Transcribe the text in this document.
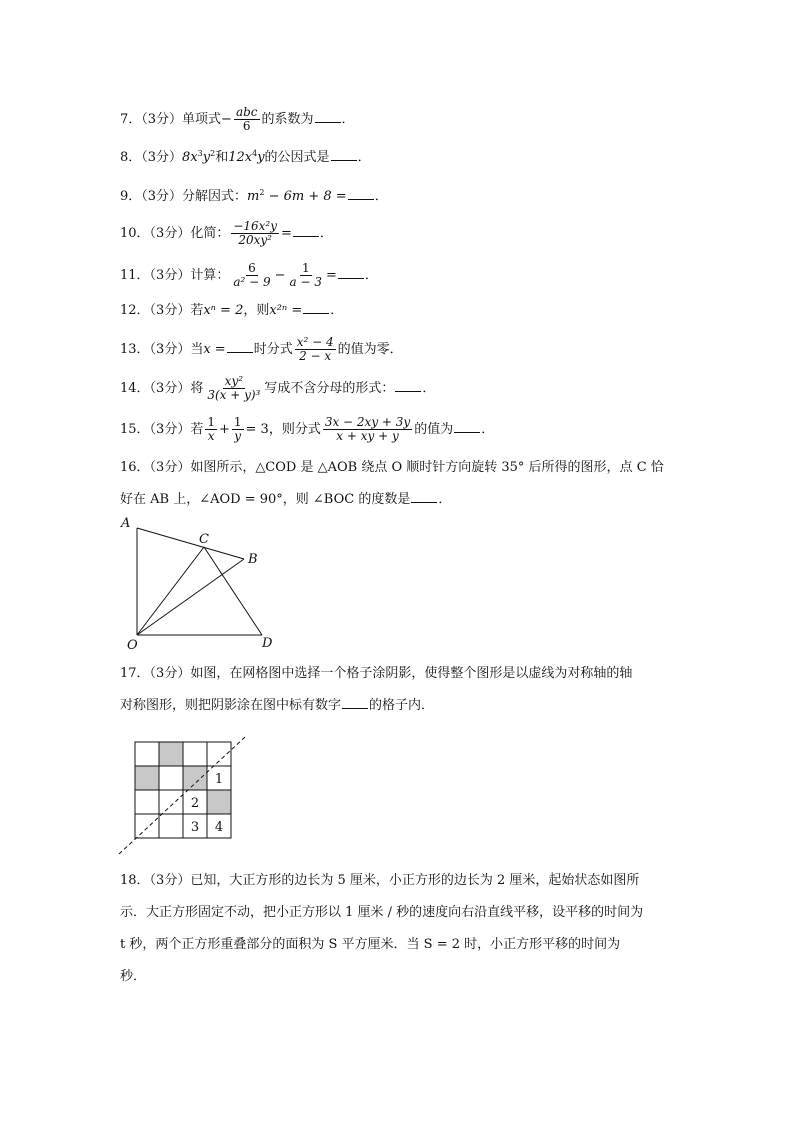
7．（3分）单项式− $\frac{\text{abc}}{6}$ 的系数为 ．
8．（3分）$8x^3y^2$和$12x^4y$的公因式是 ．
9．（3分）分解因式：$m^2 - 6m + 8$ = ．
10．（3分）化简： $\frac{\text{−16x²y}}{\text{20xy²}}$ = ．
11．（3分）计算： $\frac{6}{\text{a² − 9}} - \frac{1}{a - 3}$ = ．
12．（3分）若xⁿ = 2，则x²ⁿ = ．
13．（3分）当x = 时分式 $\frac{\text{x² − 4}}{2 - x}$ 的值为零．
14．（3分）将 $\frac{\text{xy²}}{\text{3(x + y)³}}$ 写成不含分母的形式： ．
15．（3分）若 $\frac{1}{x} + \frac{1}{y} = 3$，则分式 $\frac{3x - 2xy + 3y}{x + xy + y}$ 的值为 ．
16．（3分）如图所示，△COD 是 △AOB 绕点 O 顺时针方向旋转 35° 后所得的图形，点 C 恰
好在 AB 上，∠AOD = 90°，则 ∠BOC 的度数是 ．
A
C
B
O	D
17．（3分）如图，在网格图中选择一个格子涂阴影，使得整个图形是以虚线为对称轴的轴
对称图形，则把阴影涂在图中标有数字 的格子内．
1
2
3 4
18．（3分）已知，大正方形的边长为 5 厘米，小正方形的边长为 2 厘米，起始状态如图所
示．大正方形固定不动，把小正方形以 1 厘米 / 秒的速度向右沿直线平移，设平移的时间为
t 秒，两个正方形重叠部分的面积为 S 平方厘米．当 S = 2 时，小正方形平移的时间为
秒．
